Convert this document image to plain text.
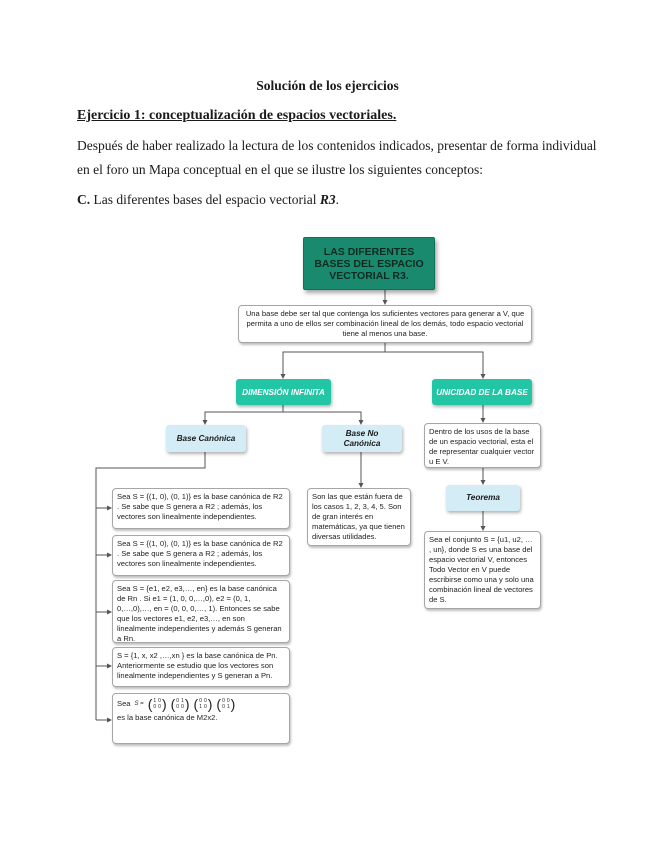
Solución de los ejercicios
Ejercicio 1: conceptualización de espacios vectoriales.
Después de haber realizado la lectura de los contenidos indicados, presentar de forma individual
en el foro un Mapa conceptual en el que se ilustre los siguientes conceptos:
C. Las diferentes bases del espacio vectorial R3.
LAS DIFERENTES BASES DEL ESPACIO VECTORIAL R3.
Una base debe ser tal que contenga los suficientes vectores para generar a V, que permita a uno de ellos ser combinación lineal de los demás, todo espacio vectorial tiene al menos una base.
DIMENSIÓN INFINITA	UNICIDAD DE LA BASE
Base Canónica
Base No Canónica
Son las que están fuera de los casos 1, 2, 3, 4, 5. Son de gran interés en matemáticas, ya que tienen diversas utilidades.
Dentro de los usos de la base de un espacio vectorial, esta el de representar cualquier vector u E V.
Teorema
Sea el conjunto S = {u1, u2, … , un}, donde S es una base del espacio vectorial V, entonces Todo Vector en V puede escribirse como una y solo una combinación lineal de vectores de S.
Sea S = {(1, 0), (0, 1)} es la base canónica de R2 . Se sabe que S genera a R2 ; además, los vectores son linealmente independientes.
Sea S = {(1, 0), (0, 1)} es la base canónica de R2 . Se sabe que S genera a R2 ; además, los vectores son linealmente independientes.
Sea S = {e1, e2, e3,…, en} es la base canónica de Rn . Si e1 = (1, 0, 0,…,0), e2 = (0, 1, 0,…,0),…, en = (0, 0, 0,…, 1). Entonces se sabe que los vectores e1, e2, e3,…, en son linealmente independientes y además S generan a Rn.
S = {1, x, x2 ,…,xn } es la base canónica de Pn. Anteriormente se estudio que los vectores son linealmente independientes y S generan a Pn.
Sea S = ( 1	0
0	0 ) ( 0	1
0	0 ) ( 0	0
1	0 ) ( 0	0
0	1 )
es la base canónica de M2x2.
